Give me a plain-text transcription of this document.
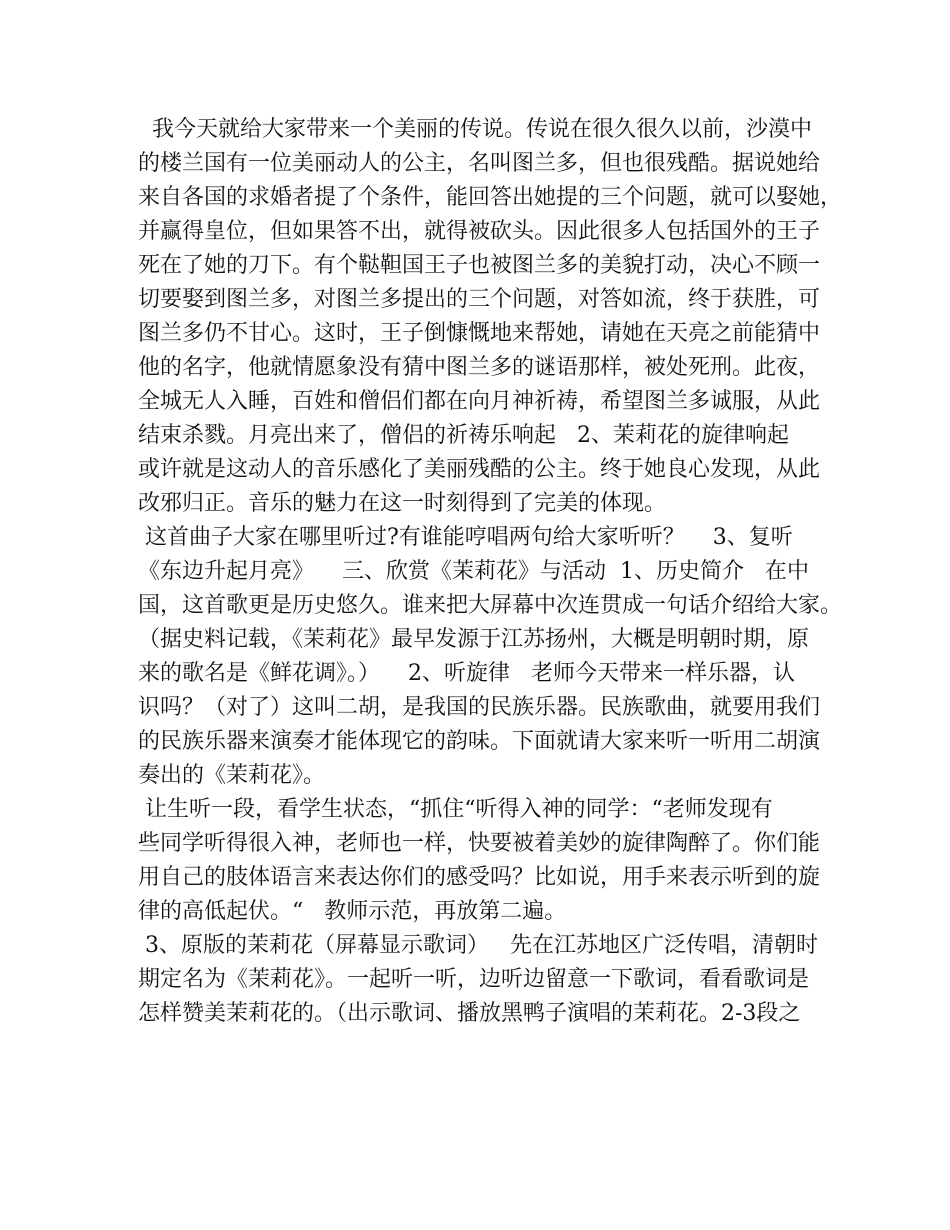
我今天就给大家带来一个美丽的传说。传说在很久很久以前，沙漠中
的楼兰国有一位美丽动人的公主，名叫图兰多，但也很残酷。据说她给
来自各国的求婚者提了个条件，能回答出她提的三个问题，就可以娶她，
并赢得皇位，但如果答不出，就得被砍头。因此很多人包括国外的王子
死在了她的刀下。有个鞑靼国王子也被图兰多的美貌打动，决心不顾一
切要娶到图兰多，对图兰多提出的三个问题，对答如流，终于获胜，可
图兰多仍不甘心。这时，王子倒慷慨地来帮她，请她在天亮之前能猜中
他的名字，他就情愿象没有猜中图兰多的谜语那样，被处死刑。此夜，
全城无人入睡，百姓和僧侣们都在向月神祈祷，希望图兰多诚服，从此
结束杀戮。月亮出来了，僧侣的祈祷乐响起   2、茉莉花的旋律响起
或许就是这动人的音乐感化了美丽残酷的公主。终于她良心发现，从此
改邪归正。音乐的魅力在这一时刻得到了完美的体现。
这首曲子大家在哪里听过?有谁能哼唱两句给大家听听？    3、复听
《东边升起月亮》    三、欣赏《茉莉花》与活动  1、历史简介   在中
国，这首歌更是历史悠久。谁来把大屏幕中次连贯成一句话介绍给大家。
（据史料记载，《茉莉花》最早发源于江苏扬州，大概是明朝时期，原
来的歌名是《鲜花调》。）    2、听旋律   老师今天带来一样乐器，认
识吗？（对了）这叫二胡，是我国的民族乐器。民族歌曲，就要用我们
的民族乐器来演奏才能体现它的韵味。下面就请大家来听一听用二胡演
奏出的《茉莉花》。
让生听一段，看学生状态，“抓住“听得入神的同学：“老师发现有
些同学听得很入神，老师也一样，快要被着美妙的旋律陶醉了。你们能
用自己的肢体语言来表达你们的感受吗？比如说，用手来表示听到的旋
律的高低起伏。“   教师示范，再放第二遍。
3、原版的茉莉花（屏幕显示歌词）   先在江苏地区广泛传唱，清朝时
期定名为《茉莉花》。一起听一听，边听边留意一下歌词，看看歌词是
怎样赞美茉莉花的。（出示歌词、播放黑鸭子演唱的茉莉花。2-3段之
